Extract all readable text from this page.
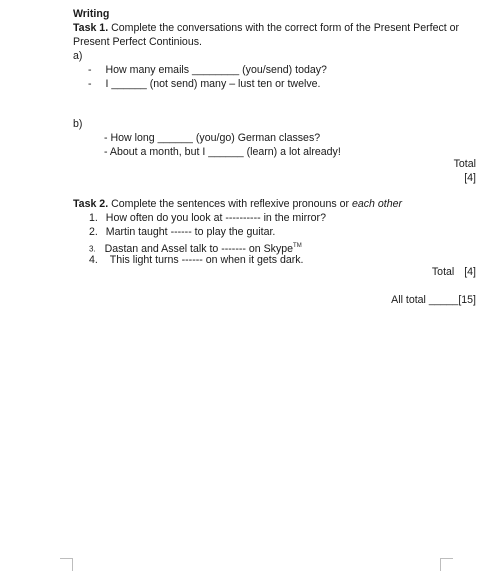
Writing
Task 1. Complete the conversations with the correct form of the Present Perfect or
Present Perfect Continious.
a)
- How many emails ________ (you/send) today?
- I ______ (not send) many – lust ten or twelve.
b)
- How long ______ (you/go) German classes?
- About a month, but I ______ (learn) a lot already!
Total
[4]
Task 2. Complete the sentences with reflexive pronouns or each other
1. How often do you look at ---------- in the mirror?
2. Martin taught ------ to play the guitar.
3. Dastan and Assel talk to ------- on Skype™
4. This light turns ------ on when it gets dark.
Total [4]
All total _____[15]
